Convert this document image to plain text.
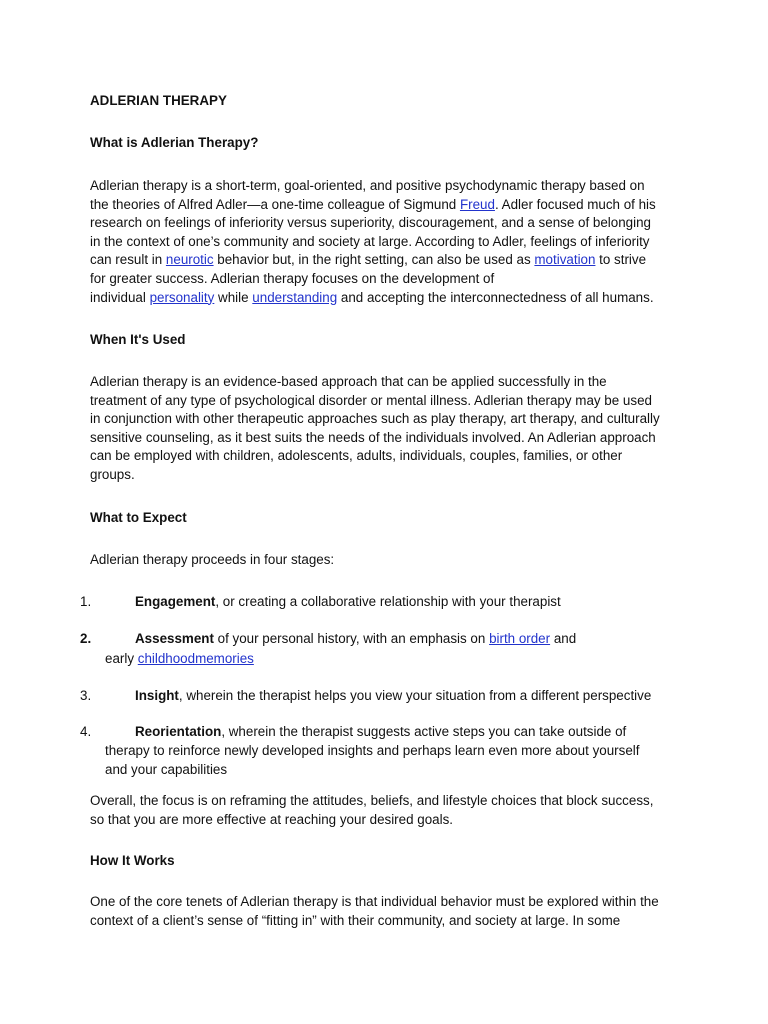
ADLERIAN THERAPY
What is Adlerian Therapy?
Adlerian therapy is a short-term, goal-oriented, and positive psychodynamic therapy based on
the theories of Alfred Adler—a one-time colleague of Sigmund Freud. Adler focused much of his
research on feelings of inferiority versus superiority, discouragement, and a sense of belonging
in the context of one’s community and society at large. According to Adler, feelings of inferiority
can result in neurotic behavior but, in the right setting, can also be used as motivation to strive
for greater success. Adlerian therapy focuses on the development of
individual personality while understanding and accepting the interconnectedness of all humans.
When It's Used
Adlerian therapy is an evidence-based approach that can be applied successfully in the
treatment of any type of psychological disorder or mental illness. Adlerian therapy may be used
in conjunction with other therapeutic approaches such as play therapy, art therapy, and culturally
sensitive counseling, as it best suits the needs of the individuals involved. An Adlerian approach
can be employed with children, adolescents, adults, individuals, couples, families, or other
groups.
What to Expect
Adlerian therapy proceeds in four stages:
1.	Engagement, or creating a collaborative relationship with your therapist
2.	Assessment of your personal history, with an emphasis on birth order and
early childhoodmemories
3.	Insight, wherein the therapist helps you view your situation from a different perspective
4.	Reorientation, wherein the therapist suggests active steps you can take outside of
therapy to reinforce newly developed insights and perhaps learn even more about yourself
and your capabilities
Overall, the focus is on reframing the attitudes, beliefs, and lifestyle choices that block success,
so that you are more effective at reaching your desired goals.
How It Works
One of the core tenets of Adlerian therapy is that individual behavior must be explored within the
context of a client’s sense of “fitting in” with their community, and society at large. In some
